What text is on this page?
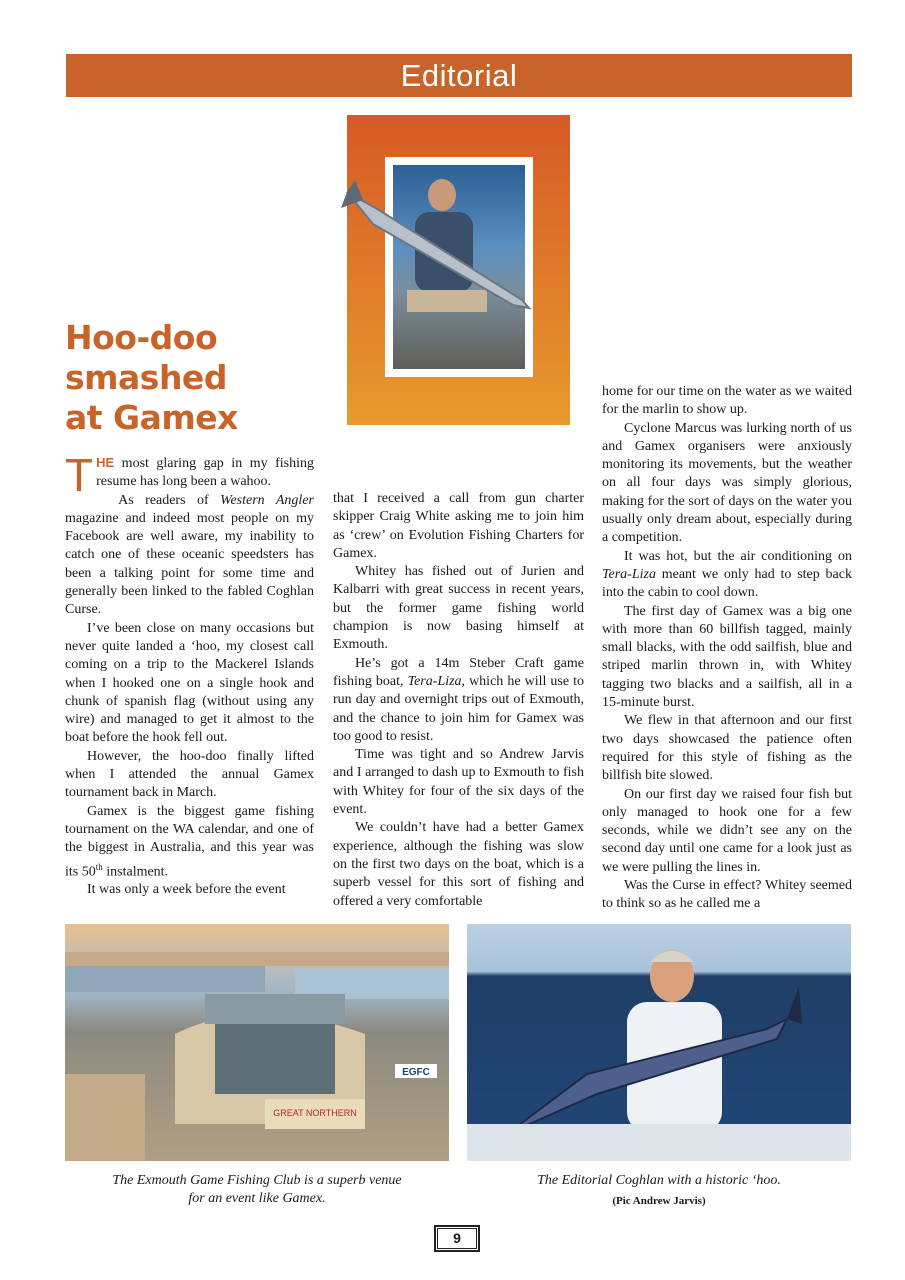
Editorial
Hoo-doo
smashed
at Gamex

THE most glaring gap in my fishing resume has long been a wahoo.

As readers of Western Angler magazine and indeed most people on my Facebook are well aware, my inability to catch one of these oceanic speedsters has been a talking point for some time and generally been linked to the fabled Coghlan Curse.

I’ve been close on many occasions but never quite landed a ‘hoo, my closest call coming on a trip to the Mackerel Islands when I hooked one on a single hook and chunk of spanish flag (without using any wire) and managed to get it almost to the boat before the hook fell out.

However, the hoo-doo finally lifted when I attended the annual Gamex tournament back in March.

Gamex is the biggest game fishing tournament on the WA calendar, and one of the biggest in Australia, and this year was its 50th instalment.

It was only a week before the event

that I received a call from gun charter skipper Craig White asking me to join him as ‘crew’ on Evolution Fishing Charters for Gamex.

Whitey has fished out of Jurien and Kalbarri with great success in recent years, but the former game fishing world champion is now basing himself at Exmouth.

He’s got a 14m Steber Craft game fishing boat, Tera-Liza, which he will use to run day and overnight trips out of Exmouth, and the chance to join him for Gamex was too good to resist.

Time was tight and so Andrew Jarvis and I arranged to dash up to Exmouth to fish with Whitey for four of the six days of the event.

We couldn’t have had a better Gamex experience, although the fishing was slow on the first two days on the boat, which is a superb vessel for this sort of fishing and offered a very comfortable

home for our time on the water as we waited for the marlin to show up.

Cyclone Marcus was lurking north of us and Gamex organisers were anxiously monitoring its movements, but the weather on all four days was simply glorious, making for the sort of days on the water you usually only dream about, especially during a competition.

It was hot, but the air conditioning on Tera-Liza meant we only had to step back into the cabin to cool down.

The first day of Gamex was a big one with more than 60 billfish tagged, mainly small blacks, with the odd sailfish, blue and striped marlin thrown in, with Whitey tagging two blacks and a sailfish, all in a 15-minute burst.

We flew in that afternoon and our first two days showcased the patience often required for this style of fishing as the billfish bite slowed.

On our first day we raised four fish but only managed to hook one for a few seconds, while we didn’t see any on the second day until one came for a look just as we were pulling the lines in.

Was the Curse in effect? Whitey seemed to think so as he called me a

GREAT NORTHERN
EGFC
The Exmouth Game Fishing Club is a superb venue
for an event like Gamex.
The Editorial Coghlan with a historic ‘hoo.
(Pic Andrew Jarvis)
9
